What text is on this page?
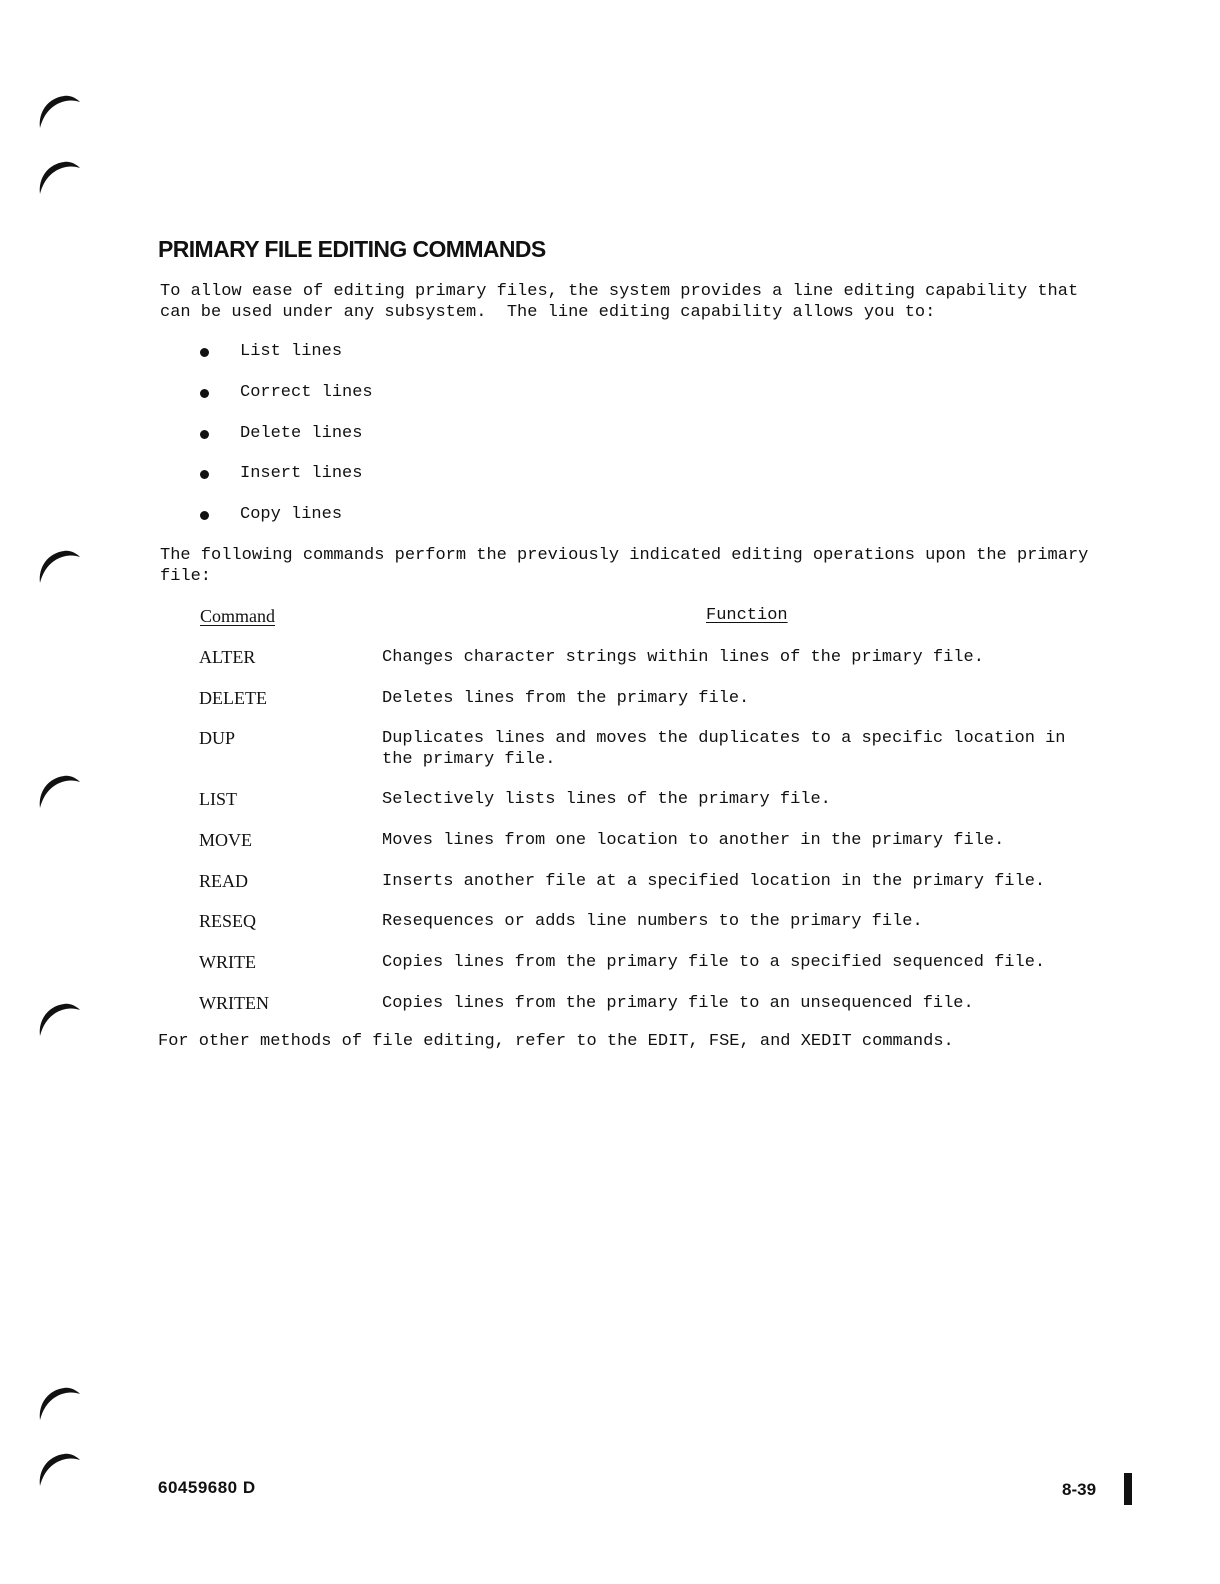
PRIMARY FILE EDITING COMMANDS

To allow ease of editing primary files, the system provides a line editing capability that
can be used under any subsystem.  The line editing capability allows you to:

List lines
Correct lines
Delete lines
Insert lines
Copy lines

The following commands perform the previously indicated editing operations upon the primary
file:

Command	Function
ALTER	Changes character strings within lines of the primary file.
DELETE	Deletes lines from the primary file.
DUP	Duplicates lines and moves the duplicates to a specific location in
the primary file.
LIST	Selectively lists lines of the primary file.
MOVE	Moves lines from one location to another in the primary file.
READ	Inserts another file at a specified location in the primary file.
RESEQ	Resequences or adds line numbers to the primary file.
WRITE	Copies lines from the primary file to a specified sequenced file.
WRITEN	Copies lines from the primary file to an unsequenced file.

For other methods of file editing, refer to the EDIT, FSE, and XEDIT commands.

60459680 D	8-39
